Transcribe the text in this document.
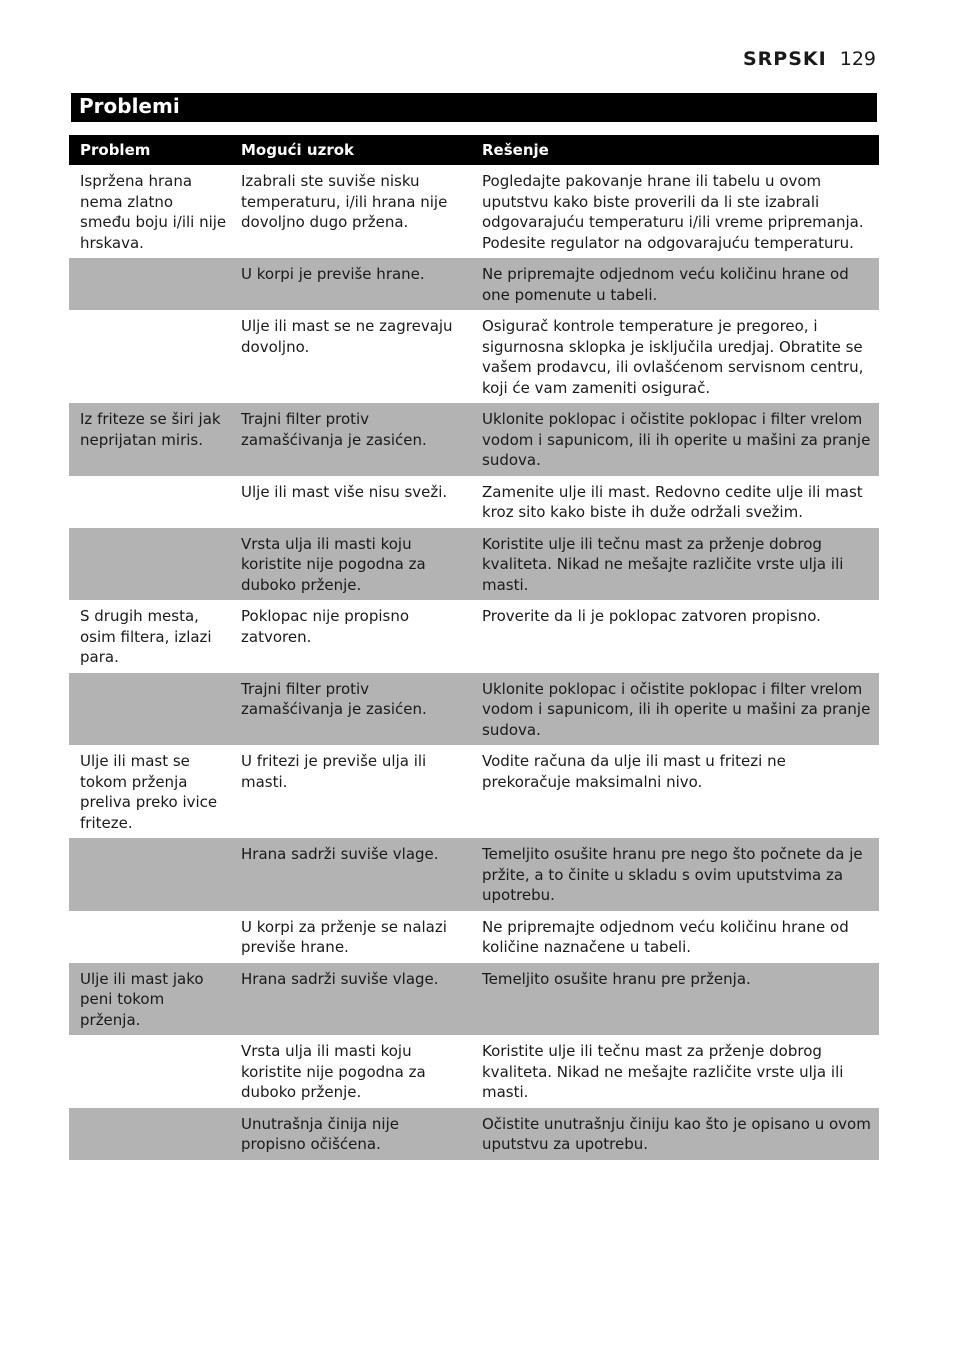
SRPSKI 129
Problemi
Problem	Mogući uzrok	Rešenje
Ispržena hrana nema zlatno smeđu boju i/ili nije hrskava.	Izabrali ste suviše nisku temperaturu, i/ili hrana nije dovoljno dugo pržena.	Pogledajte pakovanje hrane ili tabelu u ovom uputstvu kako biste proverili da li ste izabrali odgovarajuću temperaturu i/ili vreme pripremanja. Podesite regulator na odgovarajuću temperaturu.
	U korpi je previše hrane.	Ne pripremajte odjednom veću količinu hrane od one pomenute u tabeli.
	Ulje ili mast se ne zagrevaju dovoljno.	Osigurač kontrole temperature je pregoreo, i sigurnosna sklopka je isključila uredjaj. Obratite se vašem prodavcu, ili ovlašćenom servisnom centru, koji će vam zameniti osigurač.
Iz friteze se širi jak neprijatan miris.	Trajni filter protiv zamašćivanja je zasićen.	Uklonite poklopac i očistite poklopac i filter vrelom vodom i sapunicom, ili ih operite u mašini za pranje sudova.
	Ulje ili mast više nisu sveži.	Zamenite ulje ili mast. Redovno cedite ulje ili mast kroz sito kako biste ih duže održali svežim.
	Vrsta ulja ili masti koju koristite nije pogodna za duboko prženje.	Koristite ulje ili tečnu mast za prženje dobrog kvaliteta. Nikad ne mešajte različite vrste ulja ili masti.
S drugih mesta, osim filtera, izlazi para.	Poklopac nije propisno zatvoren.	Proverite da li je poklopac zatvoren propisno.
	Trajni filter protiv zamašćivanja je zasićen.	Uklonite poklopac i očistite poklopac i filter vrelom vodom i sapunicom, ili ih operite u mašini za pranje sudova.
Ulje ili mast se tokom prženja preliva preko ivice friteze.	U fritezi je previše ulja ili masti.	Vodite računa da ulje ili mast u fritezi ne prekoračuje maksimalni nivo.
	Hrana sadrži suviše vlage.	Temeljito osušite hranu pre nego što počnete da je pržite, a to činite u skladu s ovim uputstvima za upotrebu.
	U korpi za prženje se nalazi previše hrane.	Ne pripremajte odjednom veću količinu hrane od količine naznačene u tabeli.
Ulje ili mast jako peni tokom prženja.	Hrana sadrži suviše vlage.	Temeljito osušite hranu pre prženja.
	Vrsta ulja ili masti koju koristite nije pogodna za duboko prženje.	Koristite ulje ili tečnu mast za prženje dobrog kvaliteta. Nikad ne mešajte različite vrste ulja ili masti.
	Unutrašnja činija nije propisno očišćena.	Očistite unutrašnju činiju kao što je opisano u ovom uputstvu za upotrebu.
